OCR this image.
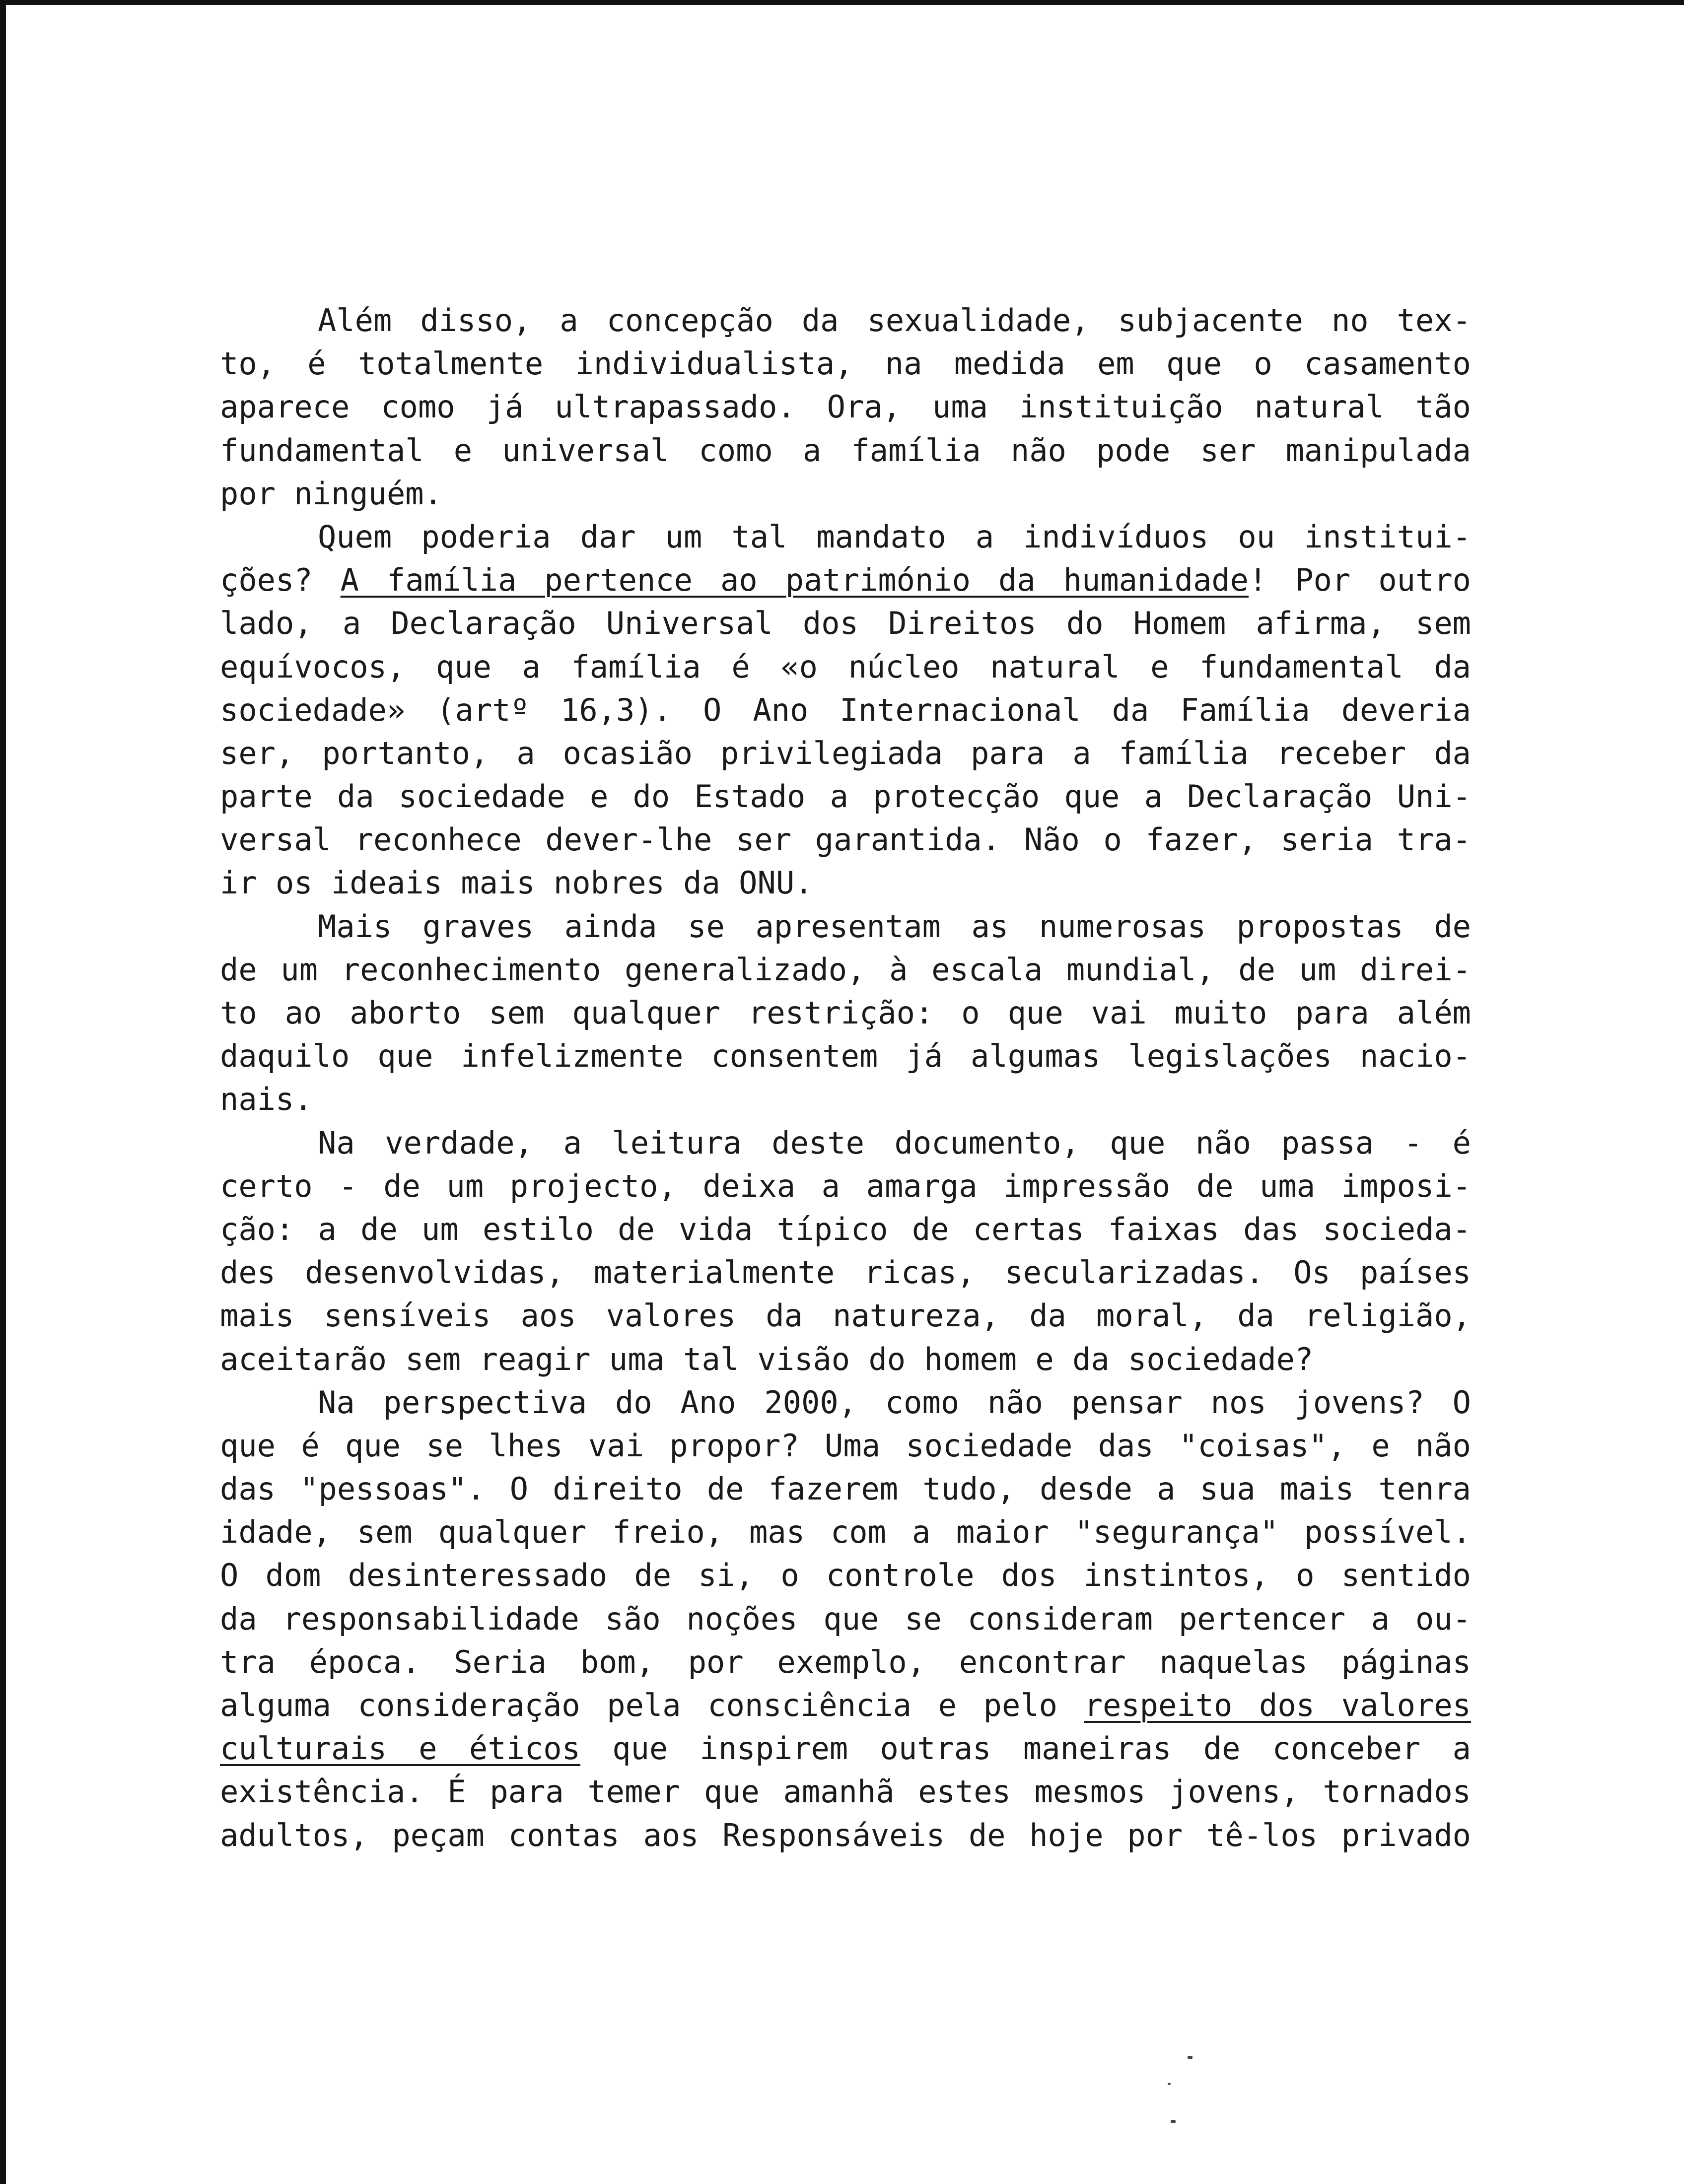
Além disso, a concepção da sexualidade, subjacente no tex-
to, é totalmente individualista, na medida em que o casamento
aparece como já ultrapassado. Ora, uma instituição natural tão
fundamental e universal como a família não pode ser manipulada
por ninguém.
Quem poderia dar um tal mandato a indivíduos ou institui-
ções? A família pertence ao património da humanidade! Por outro
lado, a Declaração Universal dos Direitos do Homem afirma, sem
equívocos, que a família é «o núcleo natural e fundamental da
sociedade» (artº 16,3). O Ano Internacional da Família deveria
ser, portanto, a ocasião privilegiada para a família receber da
parte da sociedade e do Estado a protecção que a Declaração Uni-
versal reconhece dever-lhe ser garantida. Não o fazer, seria tra-
ir os ideais mais nobres da ONU.
Mais graves ainda se apresentam as numerosas propostas de
de um reconhecimento generalizado, à escala mundial, de um direi-
to ao aborto sem qualquer restrição: o que vai muito para além
daquilo que infelizmente consentem já algumas legislações nacio-
nais.
Na verdade, a leitura deste documento, que não passa - é
certo - de um projecto, deixa a amarga impressão de uma imposi-
ção: a de um estilo de vida típico de certas faixas das socieda-
des desenvolvidas, materialmente ricas, secularizadas. Os países
mais sensíveis aos valores da natureza, da moral, da religião,
aceitarão sem reagir uma tal visão do homem e da sociedade?
Na perspectiva do Ano 2000, como não pensar nos jovens? O
que é que se lhes vai propor? Uma sociedade das "coisas", e não
das "pessoas". O direito de fazerem tudo, desde a sua mais tenra
idade, sem qualquer freio, mas com a maior "segurança" possível.
O dom desinteressado de si, o controle dos instintos, o sentido
da responsabilidade são noções que se consideram pertencer a ou-
tra época. Seria bom, por exemplo, encontrar naquelas páginas
alguma consideração pela consciência e pelo respeito dos valores
culturais e éticos que inspirem outras maneiras de conceber a
existência. É para temer que amanhã estes mesmos jovens, tornados
adultos, peçam contas aos Responsáveis de hoje por tê-los privado
